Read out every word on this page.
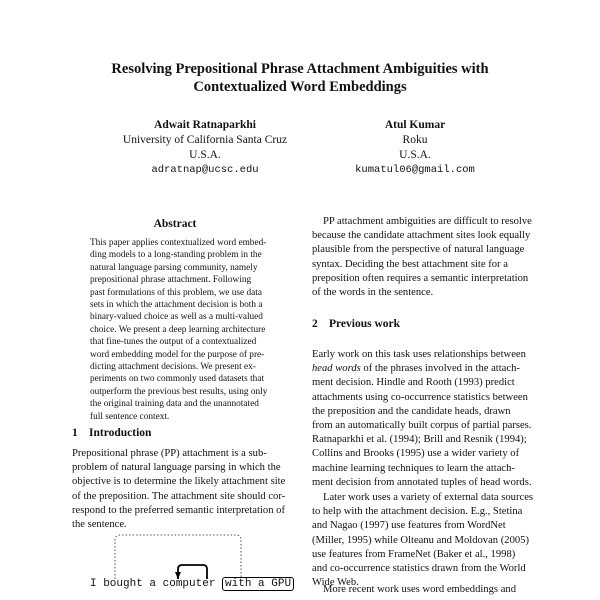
Resolving Prepositional Phrase Attachment Ambiguities with
Contextualized Word Embeddings
Adwait Ratnaparkhi
University of California Santa Cruz
U.S.A.
adratnap@ucsc.edu
Atul Kumar
Roku
U.S.A.
kumatul06@gmail.com
Abstract
This paper applies contextualized word embed-
ding models to a long-standing problem in the
natural language parsing community, namely
prepositional phrase attachment. Following
past formulations of this problem, we use data
sets in which the attachment decision is both a
binary-valued choice as well as a multi-valued
choice. We present a deep learning architecture
that fine-tunes the output of a contextualized
word embedding model for the purpose of pre-
dicting attachment decisions. We present ex-
periments on two commonly used datasets that
outperform the previous best results, using only
the original training data and the unannotated
full sentence context.
1 Introduction
Prepositional phrase (PP) attachment is a sub-
problem of natural language parsing in which the
objective is to determine the likely attachment site
of the preposition. The attachment site should cor-
respond to the preferred semantic interpretation of
the sentence.
I bought a computer with a GPU
PP attachment ambiguities are difficult to resolve
because the candidate attachment sites look equally
plausible from the perspective of natural language
syntax. Deciding the best attachment site for a
preposition often requires a semantic interpretation
of the words in the sentence.
2 Previous work
Early work on this task uses relationships between
head words of the phrases involved in the attach-
ment decision. Hindle and Rooth (1993) predict
attachments using co-occurrence statistics between
the preposition and the candidate heads, drawn
from an automatically built corpus of partial parses.
Ratnaparkhi et al. (1994); Brill and Resnik (1994);
Collins and Brooks (1995) use a wider variety of
machine learning techniques to learn the attach-
ment decision from annotated tuples of head words.
Later work uses a variety of external data sources
to help with the attachment decision. E.g., Stetina
and Nagao (1997) use features from WordNet
(Miller, 1995) while Olteanu and Moldovan (2005)
use features from FrameNet (Baker et al., 1998)
and co-occurrence statistics drawn from the World
Wide Web.
More recent work uses word embeddings and
